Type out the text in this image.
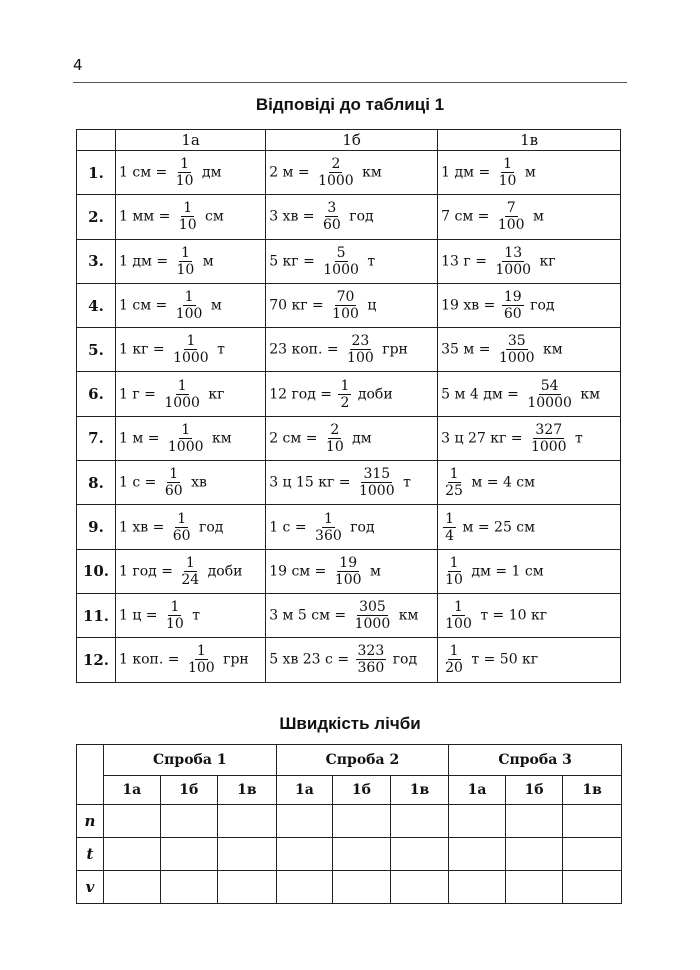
4
Відповіді до таблиці 1
	1а	1б	1в
1.	1 см = $\frac{1}{10}$ дм	2 $м = \frac{2}{1000}$ км	1 дм = $\frac{1}{10}$ м
2.	1 мм = $\frac{1}{10}$ см	3 хв = $\frac{3}{60}$ год	7 см = $\frac{7}{100}$ м
3.	1 дм = $\frac{1}{10}$ м	5 кг = $\frac{5}{1000}$ т	13 $г = \frac{13}{1000}$ кг
4.	1 см = $\frac{1}{100}$ м	70 кг = $\frac{70}{100}$ ц	19 хв = $\frac{19}{60}$ год
5.	1 кг = $\frac{1}{1000}$ т	23 коп. = $\frac{23}{100}$ грн	35 $м = \frac{35}{1000}$ км
6.	1 $г = \frac{1}{1000}$ кг	12 год = $\frac{1}{2}$ доби	5 м 4 дм = $\frac{54}{10000}$ км
7.	1 $м = \frac{1}{1000}$ км	2 см = $\frac{2}{10}$ дм	3 ц 27 кг = $\frac{327}{1000}$ т
8.	1 $с = \frac{1}{60}$ хв	3 ц 15 кг = $\frac{315}{1000}$ т	$\frac{1}{25}$ м = 4 см
9.	1 хв = $\frac{1}{60}$ год	1 $с = \frac{1}{360}$ год	$\frac{1}{4}$ м = 25 см
10.	1 год = $\frac{1}{24}$ доби	19 см = $\frac{19}{100}$ м	$\frac{1}{10}$ дм = 1 см
11.	1 $ц = \frac{1}{10}$ т	3 м 5 см = $\frac{305}{1000}$ км	$\frac{1}{100}$ т = 10 кг
12.	1 коп. = $\frac{1}{100}$ грн	5 хв 23 $с = \frac{323}{360}$ год	$\frac{1}{20}$ т = 50 кг
Швидкість лічби
	Спроба 1			Спроба 2			Спроба 3		
	1а	1б	1в	1а	1б	1в	1а	1б	1в
n									
t									
v									
